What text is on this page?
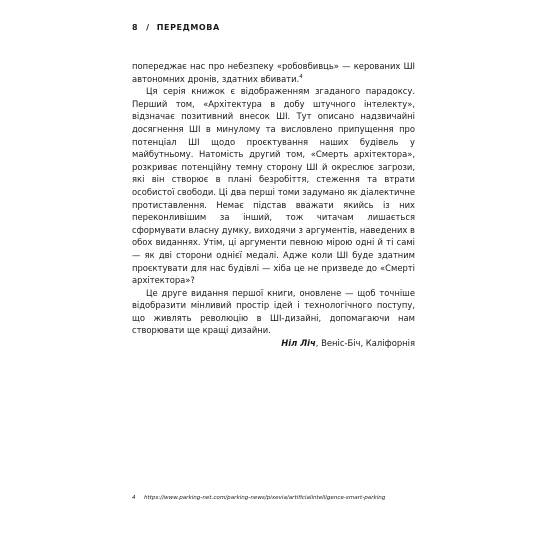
8 / ПЕРЕДМОВА

попереджає нас про небезпеку «робовбивць» — керованих ШІ автономних дронів, здатних вбивати.$^4$

Ця серія книжок є відображенням згаданого парадоксу. Перший том, «Архітектура в добу штучного інтелекту», відзначає позитивний внесок ШІ. Тут описано надзвичайні досягнення ШІ в минулому та висловлено припущення про потенціал ШІ щодо проєктування наших будівель у майбутньому. Натомість другий том, «Смерть архітектора», розкриває потенційну темну сторону ШІ й окреслює загрози, які він створює в плані безробіття, стеження та втрати особистої свободи. Ці два перші томи задумано як діалектичне протиставлення. Немає підстав вважати якийсь із них переконливішим за інший, тож читачам лишається сформувати власну думку, виходячи з аргументів, наведених в обох виданнях. Утім, ці аргументи певною мірою одні й ті самі — як дві сторони однієї медалі. Адже коли ШІ буде здатним проєктувати для нас будівлі — хіба це не призведе до «Смерті архітектора»?

Це друге видання першої книги, оновлене — щоб точніше відобразити мінливий простір ідей і технологічного поступу, що живлять революцію в ШІ-дизайні, допомагаючи нам створювати ще кращі дизайни.

Ніл Ліч, Веніс-Біч, Каліфорнія

4 https://www.parking-net.com/parking-news/pixevia/artificialintelligence-smart-parking
